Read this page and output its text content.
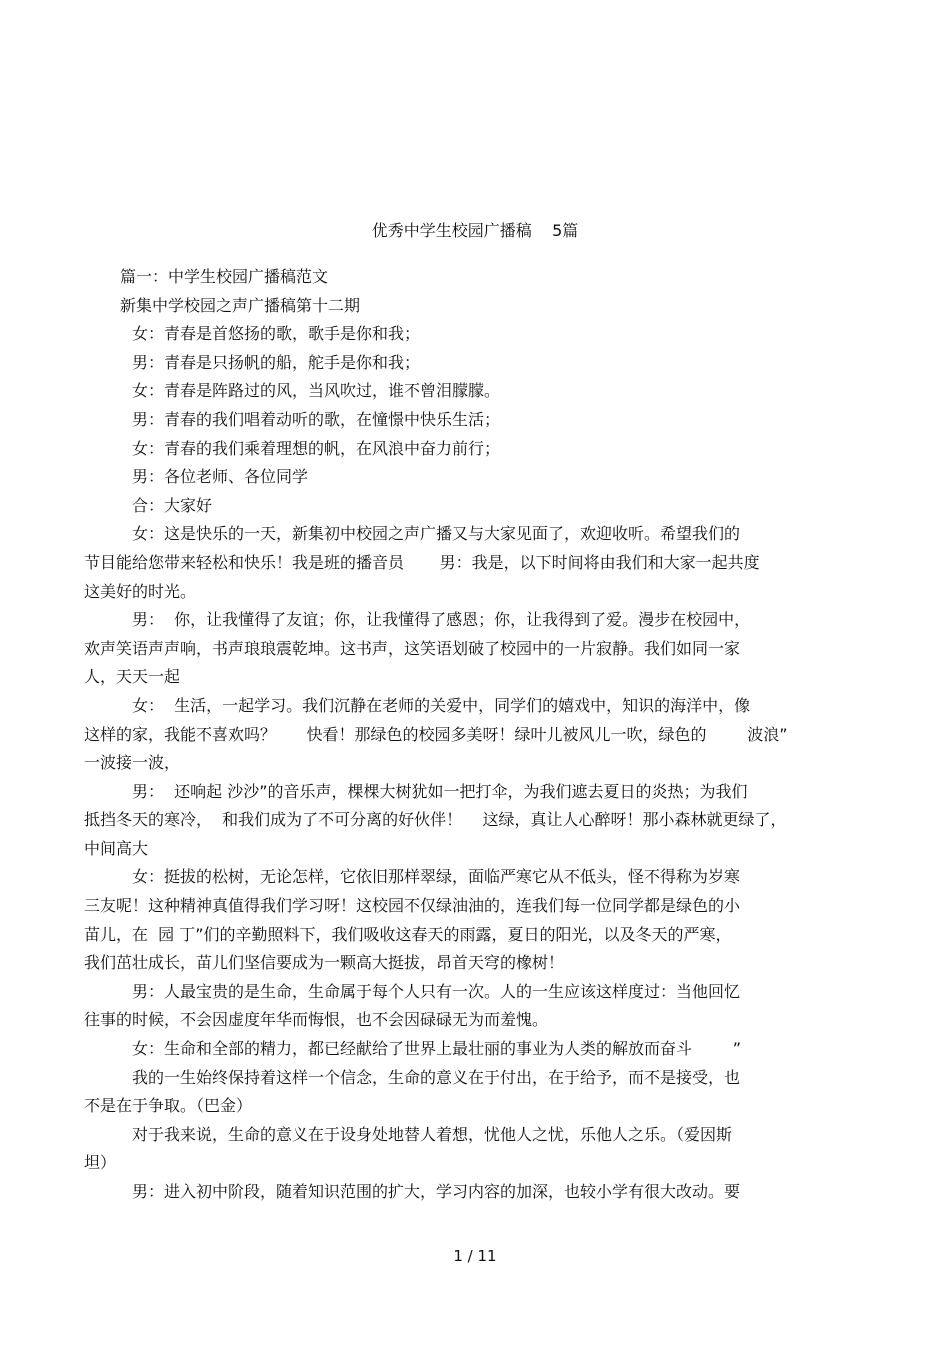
优秀中学生校园广播稿    5篇
篇一：中学生校园广播稿范文
新集中学校园之声广播稿第十二期
女：青春是首悠扬的歌，歌手是你和我；
男：青春是只扬帆的船，舵手是你和我；
女：青春是阵路过的风，当风吹过，谁不曾泪朦朦。
男：青春的我们唱着动听的歌，在憧憬中快乐生活；
女：青春的我们乘着理想的帆，在风浪中奋力前行；
男：各位老师、各位同学
合：大家好
女：这是快乐的一天，新集初中校园之声广播又与大家见面了，欢迎收听。希望我们的
节目能给您带来轻松和快乐！我是班的播音员       男：我是，以下时间将由我们和大家一起共度
这美好的时光。
男：  你，让我懂得了友谊；你，让我懂得了感恩；你，让我得到了爱。漫步在校园中，
欢声笑语声声响，书声琅琅震乾坤。这书声，这笑语划破了校园中的一片寂静。我们如同一家
人，天天一起
女：  生活，一起学习。我们沉静在老师的关爱中，同学们的嬉戏中，知识的海洋中，像
这样的家，我能不喜欢吗？      快看！那绿色的校园多美呀！绿叶儿被风儿一吹，绿色的        波浪”
一波接一波，
男：  还响起 沙沙”的音乐声，棵棵大树犹如一把打伞，为我们遮去夏日的炎热；为我们
抵挡冬天的寒冷，  和我们成为了不可分离的好伙伴！    这绿，真让人心醉呀！那小森林就更绿了，
中间高大
女：挺拔的松树，无论怎样，它依旧那样翠绿，面临严寒它从不低头，怪不得称为岁寒
三友呢！这种精神真值得我们学习呀！这校园不仅绿油油的，连我们每一位同学都是绿色的小
苗儿，在  园 丁”们的辛勤照料下，我们吸收这春天的雨露，夏日的阳光，以及冬天的严寒，
我们茁壮成长，苗儿们坚信要成为一颗高大挺拔，昂首天穹的橡树！
男：人最宝贵的是生命，生命属于每个人只有一次。人的一生应该这样度过：当他回忆
往事的时候，不会因虚度年华而悔恨，也不会因碌碌无为而羞愧。
女：生命和全部的精力，都已经献给了世界上最壮丽的事业为人类的解放而奋斗        ”
我的一生始终保持着这样一个信念，生命的意义在于付出，在于给予，而不是接受，也
不是在于争取。（巴金）
对于我来说，生命的意义在于设身处地替人着想，忧他人之忧，乐他人之乐。（爱因斯
坦）
男：进入初中阶段，随着知识范围的扩大，学习内容的加深，也较小学有很大改动。要
1 / 11
